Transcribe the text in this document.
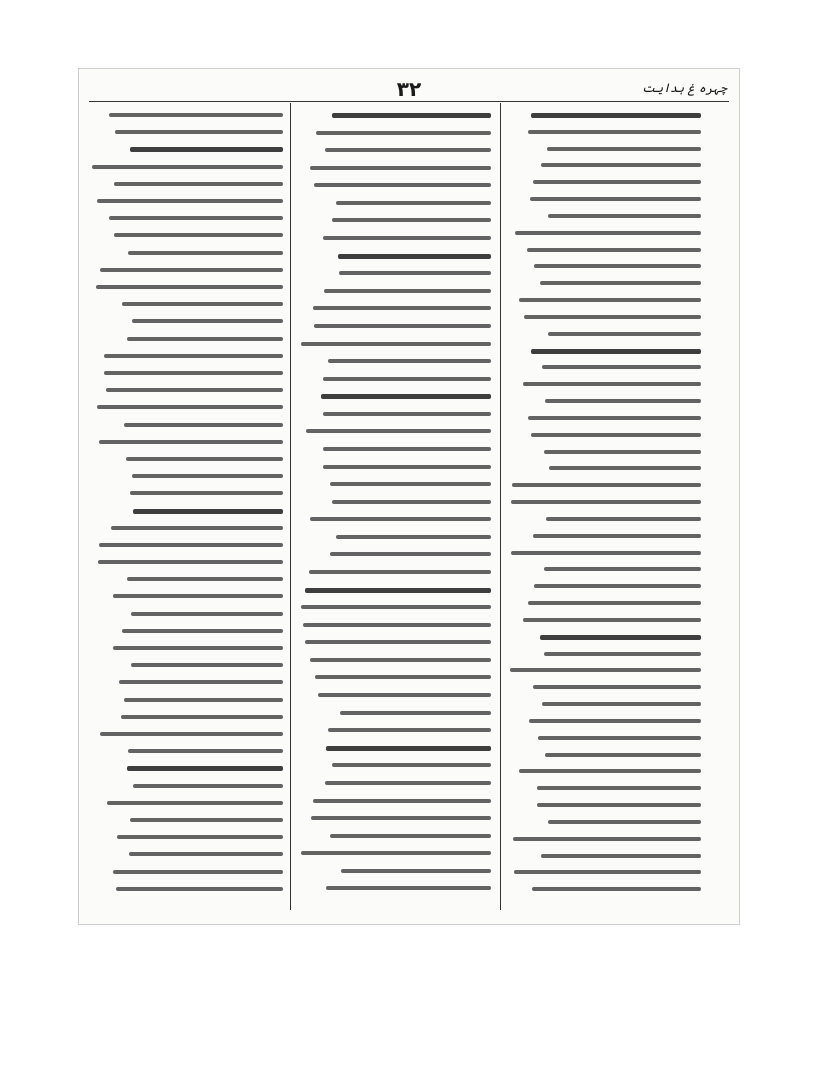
۳۲	چہرہ غ ہدایت
